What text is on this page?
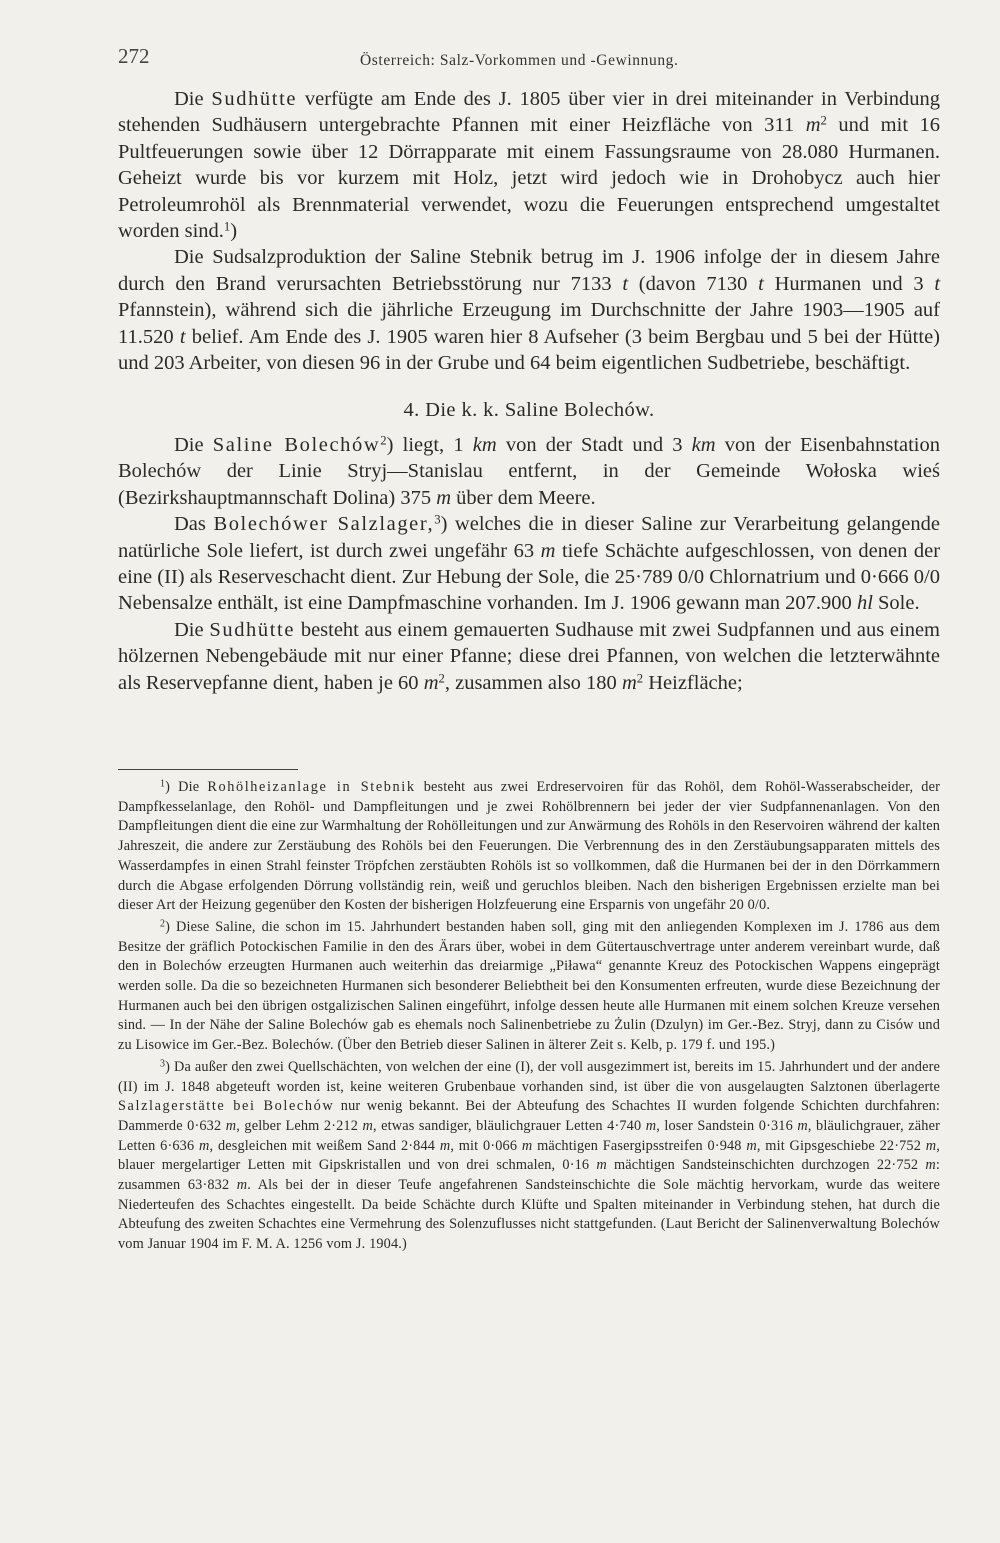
272	Österreich: Salz-Vorkommen und -Gewinnung.

Die Sudhütte verfügte am Ende des J. 1805 über vier in drei miteinander in Verbindung stehenden Sudhäusern untergebrachte Pfannen mit einer Heizfläche von 311 $m^2$ und mit 16 Pultfeuerungen sowie über 12 Dörrapparate mit einem Fassungsraume von 28.080 Hurmanen. Geheizt wurde bis vor kurzem mit Holz, jetzt wird jedoch wie in Drohobycz auch hier Petroleumrohöl als Brennmaterial verwendet, wozu die Feuerungen entsprechend umgestaltet worden sind.$^1$)

Die Sudsalzproduktion der Saline Stebnik betrug im J. 1906 infolge der in diesem Jahre durch den Brand verursachten Betriebsstörung nur 7133 t (davon 7130 t Hurmanen und 3 t Pfannstein), während sich die jährliche Erzeugung im Durchschnitte der Jahre 1903—1905 auf 11.520 t belief. Am Ende des J. 1905 waren hier 8 Aufseher (3 beim Bergbau und 5 bei der Hütte) und 203 Arbeiter, von diesen 96 in der Grube und 64 beim eigentlichen Sudbetriebe, beschäftigt.

4. Die k. k. Saline Bolechów.

Die Saline Bolechów$^2$) liegt, 1 km von der Stadt und 3 km von der Eisenbahnstation Bolechów der Linie Stryj—Stanislau entfernt, in der Gemeinde Wołoska wieś (Bezirkshauptmannschaft Dolina) 375 m über dem Meere.

Das Bolechówer Salzlager,$^3$) welches die in dieser Saline zur Verarbeitung gelangende natürliche Sole liefert, ist durch zwei ungefähr 63 m tiefe Schächte aufgeschlossen, von denen der eine (II) als Reserveschacht dient. Zur Hebung der Sole, die 25·789 0/0 Chlornatrium und 0·666 0/0 Nebensalze enthält, ist eine Dampfmaschine vorhanden. Im J. 1906 gewann man 207.900 hl Sole.

Die Sudhütte besteht aus einem gemauerten Sudhause mit zwei Sudpfannen und aus einem hölzernen Nebengebäude mit nur einer Pfanne; diese drei Pfannen, von welchen die letzterwähnte als Reservepfanne dient, haben je 60 $m^2$, zusammen also 180 $m^2$ Heizfläche;

$^1$) Die Rohölheizanlage in Stebnik besteht aus zwei Erdreservoiren für das Rohöl, dem Rohöl-Wasserabscheider, der Dampfkesselanlage, den Rohöl- und Dampfleitungen und je zwei Rohölbrennern bei jeder der vier Sudpfannenanlagen. Von den Dampfleitungen dient die eine zur Warmhaltung der Rohölleitungen und zur Anwärmung des Rohöls in den Reservoiren während der kalten Jahreszeit, die andere zur Zerstäubung des Rohöls bei den Feuerungen. Die Verbrennung des in den Zerstäubungsapparaten mittels des Wasserdampfes in einen Strahl feinster Tröpfchen zerstäubten Rohöls ist so vollkommen, daß die Hurmanen bei der in den Dörrkammern durch die Abgase erfolgenden Dörrung vollständig rein, weiß und geruchlos bleiben. Nach den bisherigen Ergebnissen erzielte man bei dieser Art der Heizung gegenüber den Kosten der bisherigen Holzfeuerung eine Ersparnis von ungefähr 20 0/0.

$^2$) Diese Saline, die schon im 15. Jahrhundert bestanden haben soll, ging mit den anliegenden Komplexen im J. 1786 aus dem Besitze der gräflich Potockischen Familie in den des Ärars über, wobei in dem Gütertauschvertrage unter anderem vereinbart wurde, daß den in Bolechów erzeugten Hurmanen auch weiterhin das dreiarmige „Piława“ genannte Kreuz des Potockischen Wappens eingeprägt werden solle. Da die so bezeichneten Hurmanen sich besonderer Beliebtheit bei den Konsumenten erfreuten, wurde diese Bezeichnung der Hurmanen auch bei den übrigen ostgalizischen Salinen eingeführt, infolge dessen heute alle Hurmanen mit einem solchen Kreuze versehen sind. — In der Nähe der Saline Bolechów gab es ehemals noch Salinenbetriebe zu Żulin (Dzulyn) im Ger.-Bez. Stryj, dann zu Cisów und zu Lisowice im Ger.-Bez. Bolechów. (Über den Betrieb dieser Salinen in älterer Zeit s. Kelb, p. 179 f. und 195.)

$^3$) Da außer den zwei Quellschächten, von welchen der eine (I), der voll ausgezimmert ist, bereits im 15. Jahrhundert und der andere (II) im J. 1848 abgeteuft worden ist, keine weiteren Grubenbaue vorhanden sind, ist über die von ausgelaugten Salztonen überlagerte Salzlagerstätte bei Bolechów nur wenig bekannt. Bei der Abteufung des Schachtes II wurden folgende Schichten durchfahren: Dammerde 0·632 m, gelber Lehm 2·212 m, etwas sandiger, bläulichgrauer Letten 4·740 m, loser Sandstein 0·316 m, bläulichgrauer, zäher Letten 6·636 m, desgleichen mit weißem Sand 2·844 m, mit 0·066 m mächtigen Fasergipsstreifen 0·948 m, mit Gipsgeschiebe 22·752 m, blauer mergelartiger Letten mit Gipskristallen und von drei schmalen, 0·16 m mächtigen Sandsteinschichten durchzogen 22·752 m: zusammen 63·832 m. Als bei der in dieser Teufe angefahrenen Sandsteinschichte die Sole mächtig hervorkam, wurde das weitere Niederteufen des Schachtes eingestellt. Da beide Schächte durch Klüfte und Spalten miteinander in Verbindung stehen, hat durch die Abteufung des zweiten Schachtes eine Vermehrung des Solenzuflusses nicht stattgefunden. (Laut Bericht der Salinenverwaltung Bolechów vom Januar 1904 im F. M. A. 1256 vom J. 1904.)
